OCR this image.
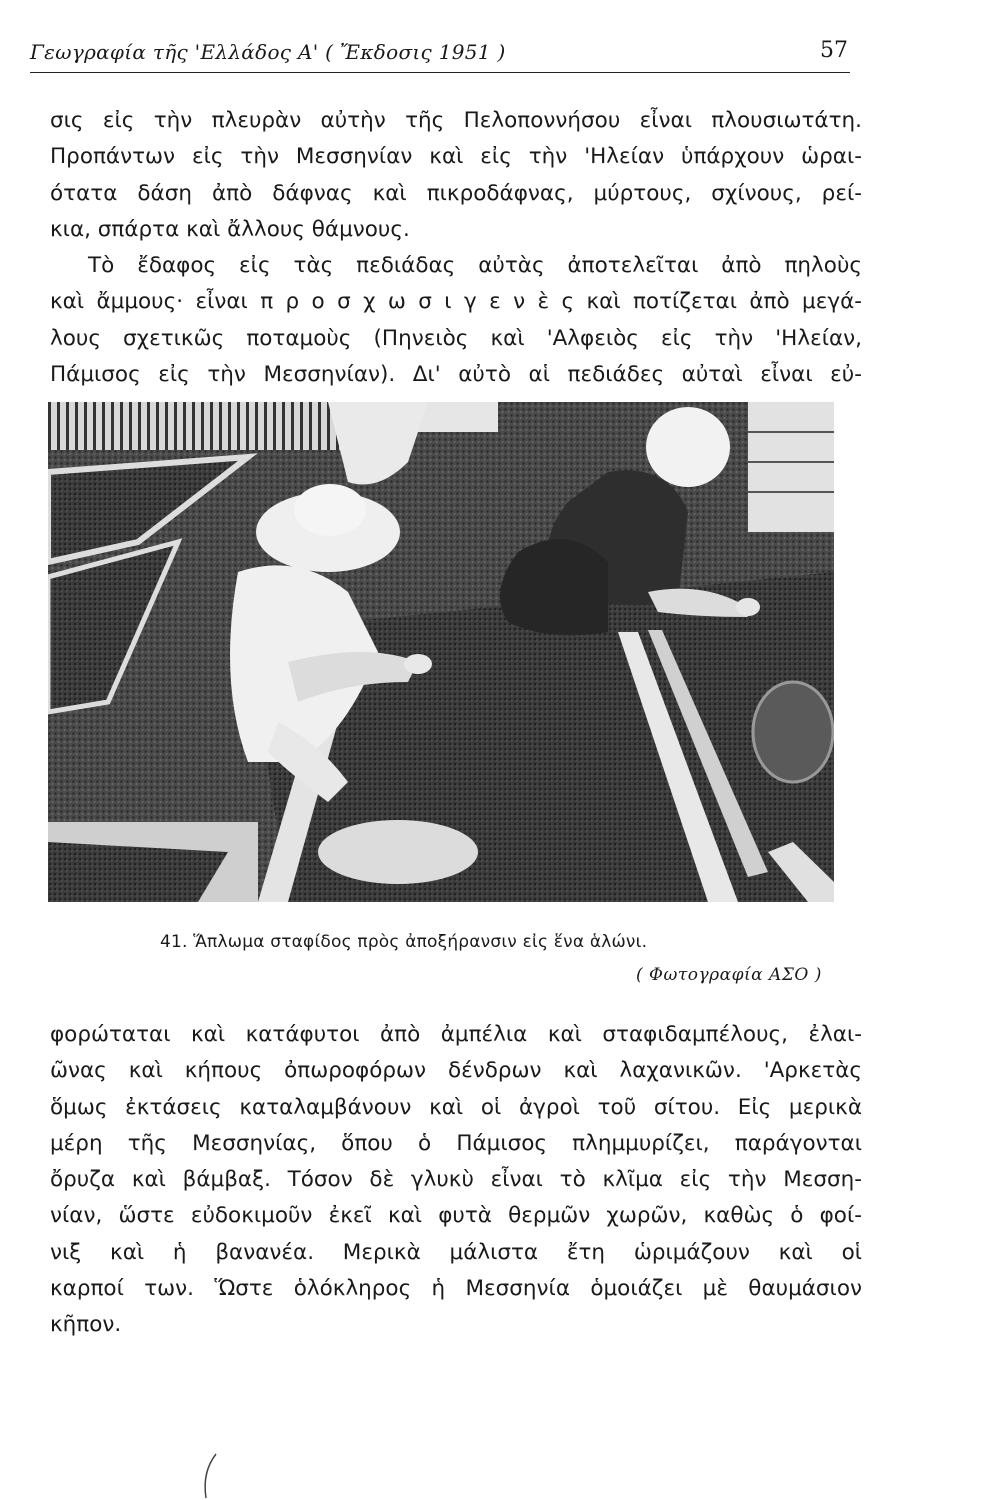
Γεωγραφία τῆς 'Ελλάδος Α' ( Ἔκδοσις 1951 )	57
σις εἰς τὴν πλευρὰν αὐτὴν τῆς Πελοποννήσου εἶναι πλουσιωτάτη.
Προπάντων εἰς τὴν Μεσσηνίαν καὶ εἰς τὴν 'Ηλείαν ὑπάρχουν ὡραι-
ότατα δάση ἀπὸ δάφνας καὶ πικροδάφνας, μύρτους, σχίνους, ρεί-
κια, σπάρτα καὶ ἄλλους θάμνους.
Τὸ ἔδαφος εἰς τὰς πεδιάδας αὐτὰς ἀποτελεῖται ἀπὸ πηλοὺς
καὶ ἄμμους· εἶναι π ρ ο σ χ ω σ ι γ ε ν ὲ ς καὶ ποτίζεται ἀπὸ μεγά-
λους σχετικῶς ποταμοὺς (Πηνειὸς καὶ 'Αλφειὸς εἰς τὴν 'Ηλείαν,
Πάμισος εἰς τὴν Μεσσηνίαν). Δι' αὐτὸ αἱ πεδιάδες αὐταὶ εἶναι εὐ-
41. Ἅπλωμα σταφίδος πρὸς ἀποξήρανσιν εἰς ἕνα ἁλώνι.
( Φωτογραφία ΑΣΟ )
φορώταται καὶ κατάφυτοι ἀπὸ ἀμπέλια καὶ σταφιδαμπέλους, ἐλαι-
ῶνας καὶ κήπους ὀπωροφόρων δένδρων καὶ λαχανικῶν. 'Αρκετὰς
ὅμως ἐκτάσεις καταλαμβάνουν καὶ οἱ ἀγροὶ τοῦ σίτου. Εἰς μερικὰ
μέρη τῆς Μεσσηνίας, ὅπου ὁ Πάμισος πλημμυρίζει, παράγονται
ὄρυζα καὶ βάμβαξ. Τόσον δὲ γλυκὺ εἶναι τὸ κλῖμα εἰς τὴν Μεσση-
νίαν, ὥστε εὐδοκιμοῦν ἐκεῖ καὶ φυτὰ θερμῶν χωρῶν, καθὼς ὁ φοί-
νιξ καὶ ἡ βανανέα. Μερικὰ μάλιστα ἔτη ὡριμάζουν καὶ οἱ
καρποί των. Ὥστε ὁλόκληρος ἡ Μεσσηνία ὁμοιάζει μὲ θαυμάσιον
κῆπον.
